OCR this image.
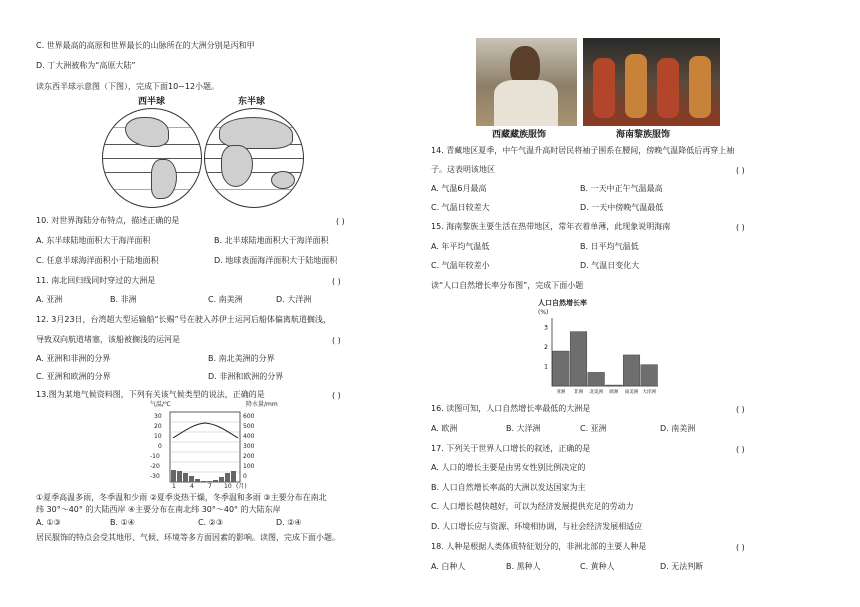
C. 世界最高的高原和世界最长的山脉所在的大洲分别是丙和甲
D. 丁大洲被称为“高原大陆”
读东西半球示意图（下图），完成下面10~12小题。
西半球	东半球
10. 对世界海陆分布特点，描述正确的是	( )
A. 东半球陆地面积大于海洋面积
C. 任意半球海洋面积小于陆地面积
11. 南北回归线同时穿过的大洲是
A. 亚洲
12. 3月23日，台湾超大型运输船“长赐”号在驶入苏伊士运河后船体偏离航道搁浅，
导致双向航道堵塞，该船被搁浅的运河是
A. 亚洲和非洲的分界
C. 亚洲和欧洲的分界
13.图为某地气候资料图，下列有关该气候类型的说法，正确的是
①夏季高温多雨，冬季温和少雨 ②夏季炎热干燥，冬季温和多雨 ③主要分布在南北
纬 30°～40° 的大陆西岸 ④主要分布在南北纬 30°～40° 的大陆东岸
A. ①③
居民服饰的特点会受其地形、气候、环境等多方面因素的影响。读图，完成下面小题。
B. 北半球陆地面积大于海洋面积
D. 地球表面海洋面积大于陆地面积
( )
B. 非洲	C. 南美洲	D. 大洋洲
( )
B. 南北美洲的分界
D. 非洲和欧洲的分界
( )
B. ①④	C. ②③	D. ②④
气温/℃	降水量/mm
30
20
10
0
-10
-20
-30
600
500
400
300
200
100
0
1 4 7 10 (月)
西藏藏族服饰	海南黎族服饰
14. 青藏地区夏季，中午气温升高时居民将袖子围系在腰间，傍晚气温降低后再穿上袖
子。这表明该地区	( )
A. 气温6月最高	B. 一天中正午气温最高
C. 气温日较差大	D. 一天中傍晚气温最低
15. 海南黎族主要生活在热带地区，常年衣着单薄，此现象说明海南	( )
A. 年平均气温低	B. 日平均气温低
C. 气温年较差小	D. 气温日变化大
读“人口自然增长率分布图”，完成下面小题
人口自然增长率
(%)
3
2
1
亚洲 非洲 北美洲 欧洲 南美洲 大洋洲
16. 读图可知，人口自然增长率最低的大洲是	( )
A. 欧洲	B. 大洋洲	C. 亚洲	D. 南美洲
17. 下列关于世界人口增长的叙述，正确的是	( )
A. 人口的增长主要是由男女性别比例决定的
B. 人口自然增长率高的大洲以发达国家为主
C. 人口增长越快越好，可以为经济发展提供充足的劳动力
D. 人口增长应与资源、环境相协调，与社会经济发展相适应
18. 人种是根据人类体质特征划分的，非洲北部的主要人种是	( )
A. 白种人	B. 黑种人	C. 黄种人	D. 无法判断
